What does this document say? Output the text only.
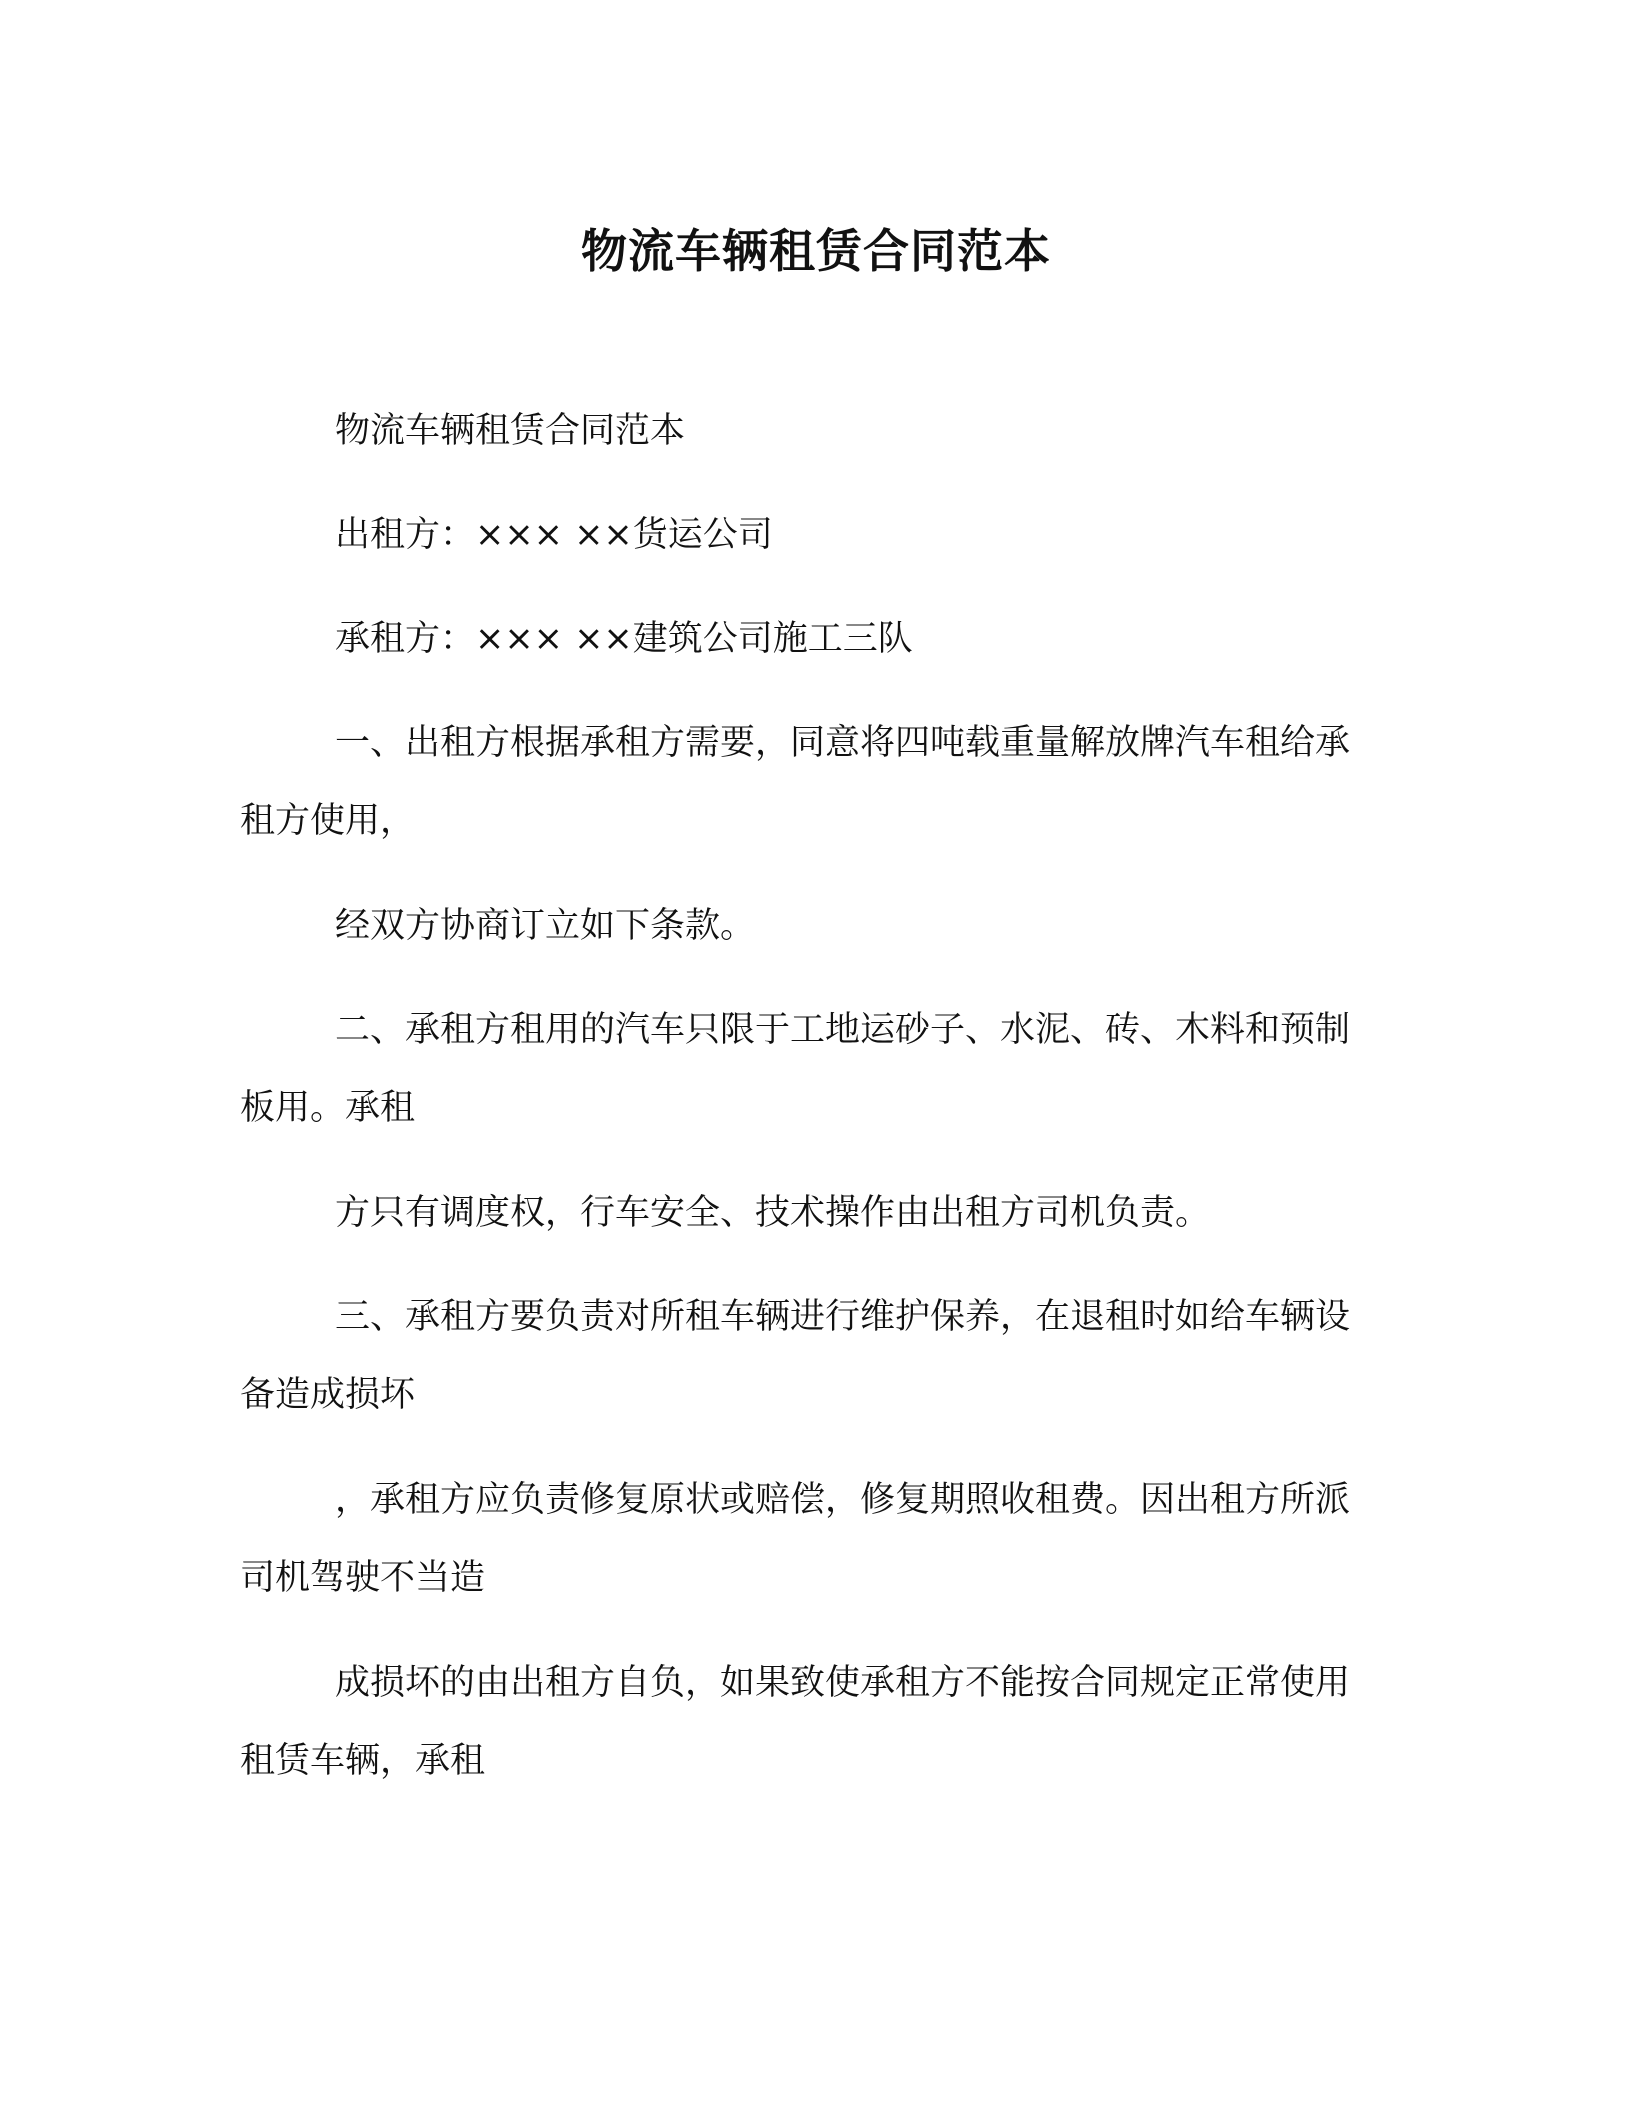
物流车辆租赁合同范本

物流车辆租赁合同范本

出租方：××× ××货运公司

承租方：××× ××建筑公司施工三队

一、出租方根据承租方需要，同意将四吨载重量解放牌汽车租给承租方使用，

经双方协商订立如下条款。

二、承租方租用的汽车只限于工地运砂子、水泥、砖、木料和预制板用。承租

方只有调度权，行车安全、技术操作由出租方司机负责。

三、承租方要负责对所租车辆进行维护保养，在退租时如给车辆设备造成损坏

，承租方应负责修复原状或赔偿，修复期照收租费。因出租方所派司机驾驶不当造

成损坏的由出租方自负，如果致使承租方不能按合同规定正常使用租赁车辆，承租
